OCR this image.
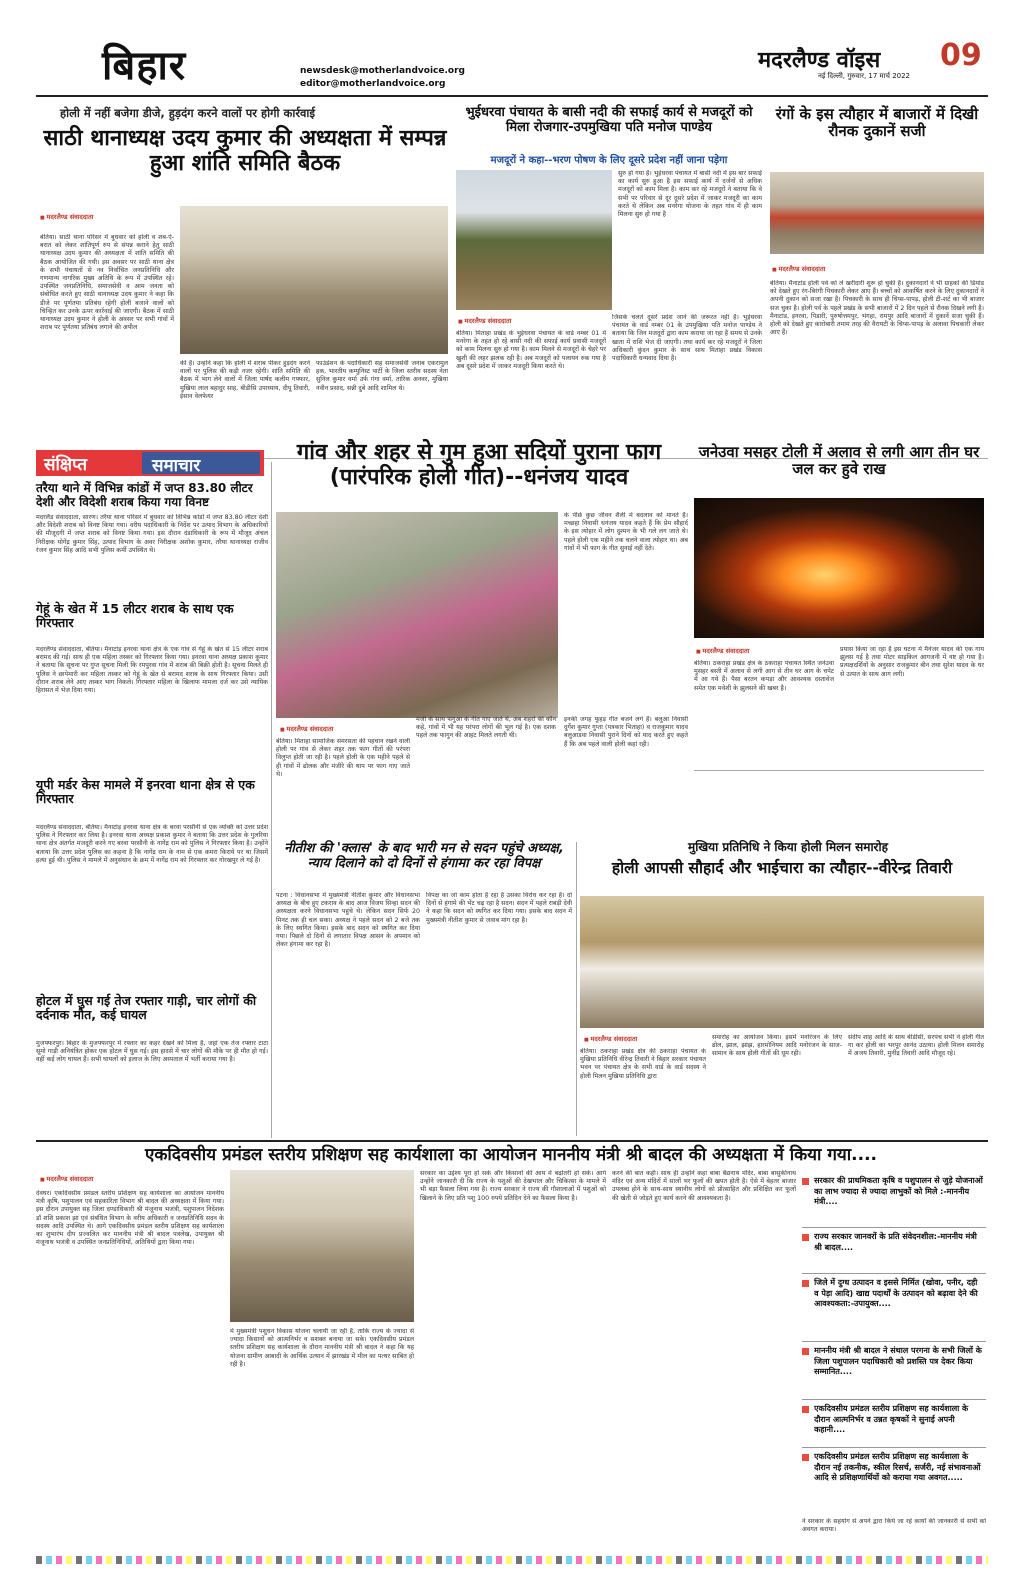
बिहार	newsdesk@motherlandvoice.org
editor@motherlandvoice.org
मदरलैण्ड वॉइस 09
नई दिल्ली, गुरुवार, 17 मार्च 2022
होली में नहीं बजेगा डीजे, हुड़दंग करने वालों पर होगी कार्रवाई
साठी थानाध्यक्ष उदय कुमार की अध्यक्षता में सम्पन्न हुआ शांति समिति बैठक
■ मदरलैण्ड संवाददाता
बेतिया। साठी थाना परिसर में बुधवार को होली व शब-ऐ-बरात को लेकर शांतिपूर्ण रुप से संपन्न कराने हेतु साठी थानाध्यक्ष उदय कुमार की अध्यक्षता में शांति समिति की बैठक आयोजित की गयी। इस अवसर पर साठी थाना क्षेत्र के सभी पंचायतों से नव निर्वाचित जनप्रतिनिधि और गणमान्य नागरिक मुख्य अतिथि के रूप में उपस्थित रहे। उपस्थित जनप्रतिनिधि, समाजसेवी व आम जनता को संबोधित करते हुए साठी थानाध्यक्ष उदय कुमार ने कहा कि डीजे पर पूर्णतया प्रतिबंध रहेगी होली बजाने वालों को चिन्हित कर उनके ऊपर कार्रवाई की जाएगी। बैठक में साठी थानाध्यक्ष उदय कुमार ने होली के अवसर पर सभी गांवों में शराब पर पूर्णतया प्रतिबंध लगाने की अपील
की है। उन्होंने कहा कि होली में शराब पीकर हुड़दंग करने वालों पर पुलिस की कड़ी नजर रहेगी। शांति समिति की बैठक में भाग लेने वालों में जिला पार्षद कलीम गफ्फार, मुखिया लाल बहादुर साह, बीडीसि उपाध्याय, दीपू तिवारी, ईसान वेलफेयर
फाउंडेशन के पदाधिकारी सह समाजसेवी जनाब एकरामुल हक, भारतीय कम्युनिस्ट पार्टी के जिला स्तरीय सदस्य नेता सुनिल कुमार वर्मा उर्फ गंगा वर्मा, तारिक अनवर, मुखिया नवीन प्रसाद, सन्नी दुबे आदि शामिल थे।
भुईधरवा पंचायत के बासी नदी की सफाई कार्य से मजदूरों को मिला रोजगार-उपमुखिया पति मनोज पाण्डेय
मजदूरों ने कहा--भरण पोषण के लिए दूसरे प्रदेश नहीं जाना पड़ेगा
सुरु हो गया है। भुईधरवा पंचायत में बासी नदी में इस बार सफाई का कार्य सुरु हुआ है इस सफाई कार्य में दर्जनों से अधिक मजदूरों को काम मिला है। काम कर रहे मजदूरों ने बताया कि वे सभी पर परिवार से दूर दूसरे प्रदेश में जाकर मजदूरी का काम करते थे लेकिन अब मनरेगा योजना के तहत गांव में ही काम मिलना सुरु हो गया है
■ मदरलैण्ड संवाददाता
बेतिया। मिताहा प्रखंड के भुईधरवा पंचायत के वार्ड नम्बर 01 में मनरेगा के तहत हो रहे बासी नदी की सफाई कार्य प्रवासी मजदूरों को काम मिलना सुरु हो गया है। काम मिलने से मजदूरों के चेहरे पर खुशी की लहर झलक रही है। अब मजदूरों को पलायन रुक गया है अब दूसरे प्रदेश में जाकर मजदूरी किया करते थे।
जिसके चलते दूसरे प्रदेश जाने की जरूरत नहीं है। भुईधरवा पंचायत के वार्ड नम्बर 01 के उपमुखिया पति मनोज पाण्डेय ने बताया कि जिन मजदूरों द्वारा काम कराया जा रहा है समय से उनके खाता में राशि भेज दी जाएगी। तथा कार्य कर रहे मजदूरों ने जिला अधिकारी कुंदन कुमार के साथ साथ मिताहा प्रखंड विकास पदाधिकारी धन्यवाद दिया है।
रंगों के इस त्यौहार में बाजारों में दिखी रौनक दुकानें सजी
■ मदरलैण्ड संवाददाता
बेतिया। मैनाटांड होली पर्व को ले खरीदारी शुरू हो चुकी है। दुकानदारों ने भी ग्राहकों की डिमांड को देखते हुए रंग-बिरंगी पिचकारी लेकर आए हैं। बच्चों को आकर्षित करने के लिए दुकानदारों ने अपनी दुकान को सजा रखा है। पिचकारी के साथ ही चिप्स-पापड़, होली टी-शर्ट का भी बाजार सज चुका है। होली पर्व के पहले प्रखंड के सभी बाजारों में 2 दिन पहले से रौनक दिखने लगी है। मैनाटांड, इनरवा, पिडारी, पुरुषोत्तमपुर, भंगहा, रामपुर आदि बाजारों में दुकानें सजा चुकी हैं। होली को देखते हुए कारोबारी तमाम तरह की वैरायटी के चिप्स-पापड़ के अलावा पिचकारी लेकर आए हैं।
संक्षिप्त	समाचार
तरैया थाने में विभिन्न कांडों में जप्त 83.80 लीटर देशी और विदेशी शराब किया गया विनष्ट
मदरलैंड संवाददाता, सारण। तरैया थाना परिसर में बुधवार को विभिन्न कांडों में जप्त 83.80 लीटर देशी और विदेशी शराब को विनष्ट किया गया। वरीय पदाधिकारी के निर्देश पर उत्पाद विभाग के अधिकारियों की मौजूदगी में जप्त शराब को विनष्ट किया गया। इस दौरान दंडाधिकारी के रूप में मौजूद अंचल निरीक्षक योगेंद्र कुमार सिंह, उत्पाद विभाग के अवर निरीक्षक अशोक कुमार, तरैया थानाध्यक्ष राजीव रंजन कुमार सिंह आदि सभी पुलिस कर्मी उपस्थित थे।
गेहूं के खेत में 15 लीटर शराब के साथ एक गिरफ्तार
मदरलैण्ड संवाददाता, बेतिया। मैनाटांड़ इनरवा थाना क्षेत्र के एक गांव से गेहूं के खेत से 15 लीटर शराब बरामद की गई। साथ ही एक महिला तस्कर को गिरफ्तार किया गया। इनरवा थाना अध्यक्ष प्रकाश कुमार ने बताया कि सूचना पर गुप्त सूचना मिली कि रमपुरवा गांव में शराब की बिक्री होती है। सूचना मिलते ही पुलिस ने छापेमारी कर महिला तस्कर को गेहूं के खेत से बरामद शराब के साथ गिरफ्तार किया। उसी दौरान शराब लेने आए तस्कर भाग निकले। गिरफ्तार महिला के खिलाफ मामला दर्ज कर उसे न्यायिक हिरासत में भेज दिया गया।
यूपी मर्डर केस मामले में इनरवा थाना क्षेत्र से एक गिरफ्तार
मदरलैण्ड संवाददाता, बेतिया। मैनाटांड़ इनरवा थाना क्षेत्र के बरवा परसौनी से एक व्यक्ति को उत्तर प्रदेश पुलिस ने गिरफ्तार कर लिया है। इनरवा थाना अध्यक्ष प्रकाश कुमार ने बताया कि उत्तर प्रदेश के गुलरिया थाना क्षेत्र अंतर्गत मजदूरी करने गए बरवा परसौनी के नागेंद्र राम को पुलिस ने गिरफ्तार किया है। उन्होंने बताया कि उत्तर प्रदेश पुलिस का कहना है कि नागेंद्र राम के नाम से एक कमरा किराये पर था जिसमें हत्या हुई थी। पुलिस ने मामले में अनुसंधान के क्रम में नागेंद्र राम को गिरफ्तार कर गोरखपुर ले गई है।
होटल में घुस गई तेज रफ्तार गाड़ी, चार लोगों की दर्दनाक मौत, कई घायल
मुजफ्फरपुर। बिहार के मुजफ्फरपुर में रफ्तार का कहर देखने को मिला है, जहां एक तेज रफ्तार टाटा सूमो गाड़ी अनियंत्रित होकर एक होटल में घुस गई। इस हादसे में चार लोगों की मौके पर ही मौत हो गई। वहीं कई लोग घायल हैं। सभी घायलों को इलाज के लिए अस्पताल में भर्ती कराया गया है।
गांव और शहर से गुम हुआ सदियों पुराना फाग (पारंपरिक होली गीत)--धनंजय यादव
■ मदरलैण्ड संवाददाता
बेतिया। मिताहा सामाजिक समरसता की पहचान रखने वाली होली पर गांव से लेकर शहर तक फाग गीतों की परंपरा विलुप्त होती जा रही है। पहले होली के एक महीने पहले से ही गांवों में ढोलक और मंजीरे की थाप पर फाग गाए जाते थे।
मर्जी के साथ फगुआ के गीत गाए जाते थे, अब शहरों की कौन कहे, गांवों में भी यह परंपरा लोगों की भूल गई है। एक दशक पहले तक फागुन की आहट मिलते लगती थी।
के पीछे कुछ जीवन शैली में बदलाव को मानते हैं। मच्छहा निवासी धनंजय यादव कहते हैं कि प्रेम सौहार्द के इस त्योहार में लोग दुश्मन के भी गले लग जाते थे। पहले होली एक महीने तक चलने वाला त्योहार था। अब गांवों में भी फाग के गीत सुनाई नहीं देते।
इनकी जगह फूहड़ गीत बजने लगे हैं। बलुआ निवासी दुर्गेश कुमार गुप्ता (पत्रकार भिताहा) व राजकुमार यादव बलुआडवा निवासी पुराने दिनों को याद करते हुए कहते हैं कि अब पहले वाली होली कहां रही।
जनेउवा मसहर टोली में अलाव से लगी आग तीन घर जल कर हुवे राख
■ मदरलैण्ड संवाददाता
बेतिया। ठकराहा प्रखंड क्षेत्र के ठकराहा पंचायत स्थित जनेउवा मुसहर बस्ती में अलाव से लगी आग से तीन घर आग के चपेट में आ गये हैं। पैसा बरतन कपड़ा और आवश्यक दस्तावेज समेत एक मवेशी के झुलसने की खबर है।
प्रयास किया जा रहा है इस घटना में मैनेजर यादव की एक गाय झुलस गई है तथा मोटर साइकिल आगजनी में नष्ट हो गया है। प्रत्यक्षदर्शियों के अनुसार राजकुमार बीन तथा सुरेश यादव के घर से उत्पात के साथ आग लगी।
नीतीश की 'क्लास' के बाद भारी मन से सदन पहुंचे अध्यक्ष, न्याय दिलाने को दो दिनों से हंगामा कर रहा विपक्ष
पटना : विधानसभा में मुख्यमंत्री नीतीश कुमार और विधानसभा अध्यक्ष के बीच हुए टकराव के बाद आज विजय सिन्हा सदन की अध्यक्षता करने विधानसभा पहुंचे थे। लेकिन सदन सिर्फ 20 मिनट तक ही चल सका। अध्यक्ष ने पहले सदन को 2 बजे तक के लिए स्थगित किया। इसके बाद सदन को स्थगित कर दिया गया। पिछले दो दिनों से लगातार विपक्ष आसन के अपमान को लेकर हंगामा कर रहा है।
विपक्ष का जो काम होता है रहा है उसका विरोध कर रहा है। दो दिनों से हंगामे की भेंट चढ़ रहा है सदन। सदन में पहले राबड़ी देवी ने कहा कि सदन को स्थगित कर दिया गया। इसके बाद सदन में मुख्यमंत्री नीतीश कुमार से जवाब मांग रहा है।
मुखिया प्रतिनिधि ने किया होली मिलन समारोह
होली आपसी सौहार्द और भाईचारा का त्यौहार--वीरेन्द्र तिवारी
■ मदरलैण्ड संवाददाता
बेतिया। ठकराहा प्रखंड क्षेत्र की ठकराहा पंचायत के मुखिया प्रतिनिधि वीरेन्द्र तिवारी ने बिहार सरकार पंचायत भवन पर पंचायत क्षेत्र के सभी वार्ड के वार्ड सदस्य ने होली मिलन मुखिया प्रतिनिधि द्वारा
समारोह का आयोजन किया। इसमें मनोरंजन के लिए ढोल, झाल, झांझ, हारमोनियम आदि मनोरंजन के साज-सामान के साथ होली गीतों की धूम रही।
संदीप शाह आदि के साथ बीडीसी, सरपंच सभी ने होली गीत गा कर होली का भरपूर आनंद उठाया। होली मिलन समारोह में अजय तिवारी, मुनींद्र तिवारी आदि मौजूद रहे।
एकदिवसीय प्रमंडल स्तरीय प्रशिक्षण सह कार्यशाला का आयोजन माननीय मंत्री श्री बादल की अध्यक्षता में किया गया....
■ मदरलैण्ड संवाददाता
देवघर। एकदिवसीय प्रमंडल स्तरीय प्रशिक्षण सह कार्यशाला का आयोजन माननीय मंत्री कृषि, पशुपालन एवं सहकारिता विभाग श्री बादल की अध्यक्षता में किया गया। इस दौरान उपायुक्त सह जिला दण्डाधिकारी श्री मंजूनाथ भजंत्री, पशुपालन निदेशक डॉ शशि प्रकाश झा एवं संबंधित विभाग के वरीय अधिकारी व जनप्रतिनिधि सदन के सदस्य आदि उपस्थित थे। आगे एकदिवसीय प्रमंडल स्तरीय प्रशिक्षण सह कार्यशाला का शुभारंभ दीप प्रज्वलित कर माननीय मंत्री श्री बादल पत्रलेख, उपायुक्त श्री मंजूनाथ भजंत्री व उपस्थित जनप्रतिनिधियों, अतिथियों द्वारा किया गया।
में मुख्यमंत्री पशुधन विकास योजना चलायी जा रही है, ताकि राज्य के ज्यादा से ज्यादा किसानों को आत्मनिर्भर व सशक्त बनाया जा सके। एकदिवसीय प्रमंडल स्तरीय प्रशिक्षण सह कार्यशाला के दौरान माननीय मंत्री श्री बादल ने कहा कि यह योजना ग्रामीण आबादी के आर्थिक उत्थान में झारखंड में मील का पत्थर साबित हो रही है।
सरकार का उद्देश्य पूरा हो सके और किसानों की आय में बढ़ोतरी हो सके। आगे उन्होंने जानकारी दी कि राज्य के पशुओं की देखभाल और चिकित्सा के मामले में भी बड़ा फैसला लिया गया है। राज्य सरकार ने राज्य की गौशालाओं में पशुओं को खिलाने के लिए प्रति पशु 100 रुपये प्रतिदिन देने का फैसला किया है।
करने की बात कही। साथ ही उन्होंने कहा बाबा बैद्यनाथ मंदिर, बाबा बासुकीनाथ मंदिर एवं अन्य मंदिरों में सालों भर फूलों की खपत होती है। ऐसे में बेहतर बाजार उपलब्ध होने के साथ-साथ स्थानीय लोगों को प्रोत्साहित और प्रशिक्षित कर फूलों की खेती से जोड़ते हुए कार्य करने की आवश्यकता है।
सरकार की प्राथमिकता कृषि व पशुपालन से जुड़े योजनाओं का लाभ ज्यादा से ज्यादा लाभुकों को मिले :-माननीय मंत्री....
राज्य सरकार जानवरों के प्रति संवेदनशील:-माननीय मंत्री श्री बादल....
जिले में दुग्ध उत्पादन व इससे निर्मित (खोवा, पनीर, दही व पेड़ा आदि) खाद्य पदार्थों के उत्पादन को बढ़ावा देने की आवश्यकता:-उपायुक्त....
माननीय मंत्री श्री बादल ने संथाल परगना के सभी जिलों के जिला पशुपालन पदाधिकारी को प्रशस्ति पत्र देकर किया सम्मानित....
एकदिवसीय प्रमंडल स्तरीय प्रशिक्षण सह कार्यशाला के दौरान आत्मनिर्भर व उन्नत कृषकों ने सुनाई अपनी कहानी....
एकदिवसीय प्रमंडल स्तरीय प्रशिक्षण सह कार्यशाला के दौरान नई तकनीक, स्कील रिसर्च, सर्जरी, नई संभावनाओं आदि से प्रशिक्षणार्थियों को कराया गया अवगत.....
ने सरकार के सहयोग से अपने द्वारा किये जा रहे कार्यों की जानकारी से सभी को अवगत कराया।
